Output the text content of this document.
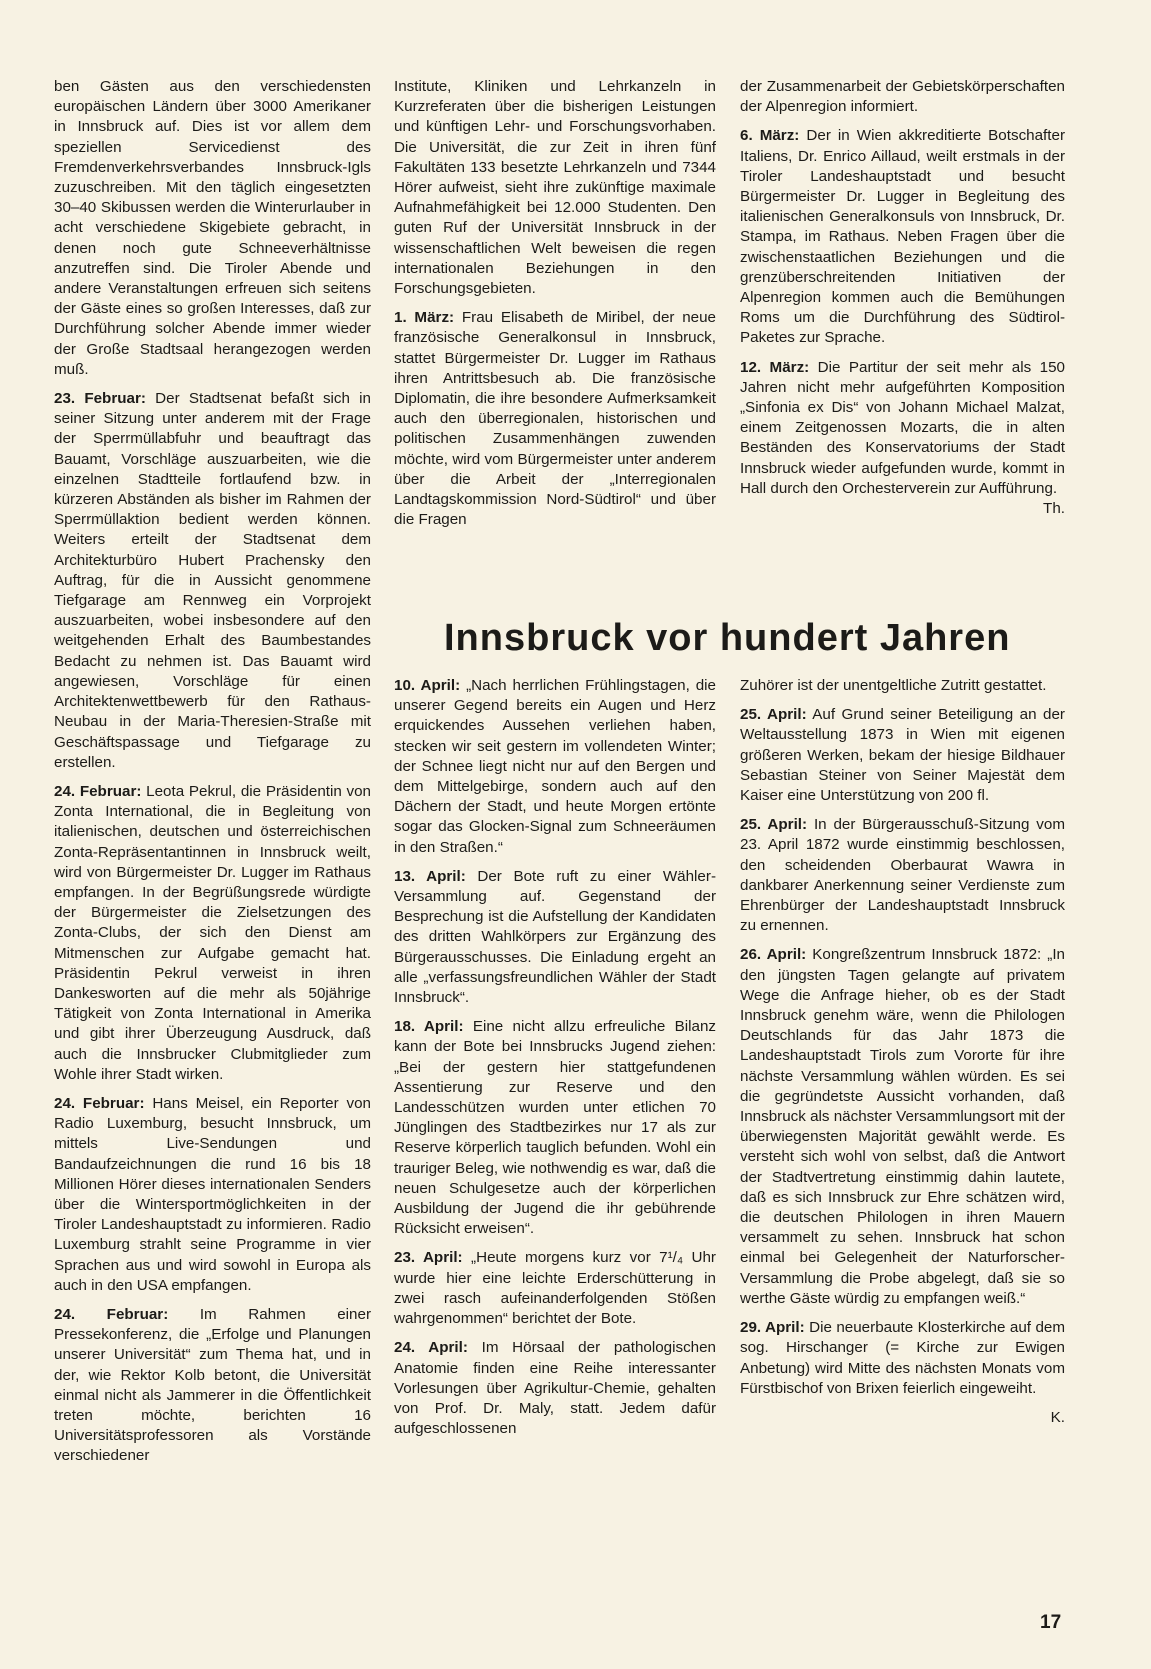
ben Gästen aus den verschiedensten europäischen Ländern über 3000 Amerikaner in Innsbruck auf. Dies ist vor allem dem speziellen Servicedienst des Fremdenverkehrsverbandes Innsbruck-Igls zuzuschreiben. Mit den täglich eingesetzten 30–40 Skibussen werden die Winterurlauber in acht verschiedene Skigebiete gebracht, in denen noch gute Schneeverhältnisse anzutreffen sind. Die Tiroler Abende und andere Veranstaltungen erfreuen sich seitens der Gäste eines so großen Interesses, daß zur Durchführung solcher Abende immer wieder der Große Stadtsaal herangezogen werden muß.

23. Februar: Der Stadtsenat befaßt sich in seiner Sitzung unter anderem mit der Frage der Sperrmüllabfuhr und beauftragt das Bauamt, Vorschläge auszuarbeiten, wie die einzelnen Stadtteile fortlaufend bzw. in kürzeren Abständen als bisher im Rahmen der Sperrmüllaktion bedient werden können. Weiters erteilt der Stadtsenat dem Architekturbüro Hubert Prachensky den Auftrag, für die in Aussicht genommene Tiefgarage am Rennweg ein Vorprojekt auszuarbeiten, wobei insbesondere auf den weitgehenden Erhalt des Baumbestandes Bedacht zu nehmen ist. Das Bauamt wird angewiesen, Vorschläge für einen Architektenwettbewerb für den Rathaus-Neubau in der Maria-Theresien-Straße mit Geschäftspassage und Tiefgarage zu erstellen.

24. Februar: Leota Pekrul, die Präsidentin von Zonta International, die in Begleitung von italienischen, deutschen und österreichischen Zonta-Repräsentantinnen in Innsbruck weilt, wird von Bürgermeister Dr. Lugger im Rathaus empfangen. In der Begrüßungsrede würdigte der Bürgermeister die Zielsetzungen des Zonta-Clubs, der sich den Dienst am Mitmenschen zur Aufgabe gemacht hat. Präsidentin Pekrul verweist in ihren Dankesworten auf die mehr als 50jährige Tätigkeit von Zonta International in Amerika und gibt ihrer Überzeugung Ausdruck, daß auch die Innsbrucker Clubmitglieder zum Wohle ihrer Stadt wirken.

24. Februar: Hans Meisel, ein Reporter von Radio Luxemburg, besucht Innsbruck, um mittels Live-Sendungen und Bandaufzeichnungen die rund 16 bis 18 Millionen Hörer dieses internationalen Senders über die Wintersportmöglichkeiten in der Tiroler Landeshauptstadt zu informieren. Radio Luxemburg strahlt seine Programme in vier Sprachen aus und wird sowohl in Europa als auch in den USA empfangen.

24. Februar: Im Rahmen einer Pressekonferenz, die „Erfolge und Planungen unserer Universität“ zum Thema hat, und in der, wie Rektor Kolb betont, die Universität einmal nicht als Jammerer in die Öffentlichkeit treten möchte, berichten 16 Universitätsprofessoren als Vorstände verschiedener

Institute, Kliniken und Lehrkanzeln in Kurzreferaten über die bisherigen Leistungen und künftigen Lehr- und Forschungsvorhaben. Die Universität, die zur Zeit in ihren fünf Fakultäten 133 besetzte Lehrkanzeln und 7344 Hörer aufweist, sieht ihre zukünftige maximale Aufnahmefähigkeit bei 12.000 Studenten. Den guten Ruf der Universität Innsbruck in der wissenschaftlichen Welt beweisen die regen internationalen Beziehungen in den Forschungsgebieten.

1. März: Frau Elisabeth de Miribel, der neue französische Generalkonsul in Innsbruck, stattet Bürgermeister Dr. Lugger im Rathaus ihren Antrittsbesuch ab. Die französische Diplomatin, die ihre besondere Aufmerksamkeit auch den überregionalen, historischen und politischen Zusammenhängen zuwenden möchte, wird vom Bürgermeister unter anderem über die Arbeit der „Interregionalen Landtagskommission Nord-Südtirol“ und über die Fragen

der Zusammenarbeit der Gebietskörperschaften der Alpenregion informiert.

6. März: Der in Wien akkreditierte Botschafter Italiens, Dr. Enrico Aillaud, weilt erstmals in der Tiroler Landeshauptstadt und besucht Bürgermeister Dr. Lugger in Begleitung des italienischen Generalkonsuls von Innsbruck, Dr. Stampa, im Rathaus. Neben Fragen über die zwischenstaatlichen Beziehungen und die grenzüberschreitenden Initiativen der Alpenregion kommen auch die Bemühungen Roms um die Durchführung des Südtirol-Paketes zur Sprache.

12. März: Die Partitur der seit mehr als 150 Jahren nicht mehr aufgeführten Komposition „Sinfonia ex Dis“ von Johann Michael Malzat, einem Zeitgenossen Mozarts, die in alten Beständen des Konservatoriums der Stadt Innsbruck wieder aufgefunden wurde, kommt in Hall durch den Orchesterverein zur Aufführung.
Th.

Innsbruck vor hundert Jahren

10. April: „Nach herrlichen Frühlingstagen, die unserer Gegend bereits ein Augen und Herz erquickendes Aussehen verliehen haben, stecken wir seit gestern im vollendeten Winter; der Schnee liegt nicht nur auf den Bergen und dem Mittelgebirge, sondern auch auf den Dächern der Stadt, und heute Morgen ertönte sogar das Glocken-Signal zum Schneeräumen in den Straßen.“

13. April: Der Bote ruft zu einer Wähler-Versammlung auf. Gegenstand der Besprechung ist die Aufstellung der Kandidaten des dritten Wahlkörpers zur Ergänzung des Bürgerausschusses. Die Einladung ergeht an alle „verfassungsfreundlichen Wähler der Stadt Innsbruck“.

18. April: Eine nicht allzu erfreuliche Bilanz kann der Bote bei Innsbrucks Jugend ziehen: „Bei der gestern hier stattgefundenen Assentierung zur Reserve und den Landesschützen wurden unter etlichen 70 Jünglingen des Stadtbezirkes nur 17 als zur Reserve körperlich tauglich befunden. Wohl ein trauriger Beleg, wie nothwendig es war, daß die neuen Schulgesetze auch der körperlichen Ausbildung der Jugend die ihr gebührende Rücksicht erweisen“.

23. April: „Heute morgens kurz vor 7¹/₄ Uhr wurde hier eine leichte Erderschütterung in zwei rasch aufeinanderfolgenden Stößen wahrgenommen“ berichtet der Bote.

24. April: Im Hörsaal der pathologischen Anatomie finden eine Reihe interessanter Vorlesungen über Agrikultur-Chemie, gehalten von Prof. Dr. Maly, statt. Jedem dafür aufgeschlossenen

Zuhörer ist der unentgeltliche Zutritt gestattet.

25. April: Auf Grund seiner Beteiligung an der Weltausstellung 1873 in Wien mit eigenen größeren Werken, bekam der hiesige Bildhauer Sebastian Steiner von Seiner Majestät dem Kaiser eine Unterstützung von 200 fl.

25. April: In der Bürgerausschuß-Sitzung vom 23. April 1872 wurde einstimmig beschlossen, den scheidenden Oberbaurat Wawra in dankbarer Anerkennung seiner Verdienste zum Ehrenbürger der Landeshauptstadt Innsbruck zu ernennen.

26. April: Kongreßzentrum Innsbruck 1872: „In den jüngsten Tagen gelangte auf privatem Wege die Anfrage hieher, ob es der Stadt Innsbruck genehm wäre, wenn die Philologen Deutschlands für das Jahr 1873 die Landeshauptstadt Tirols zum Vororte für ihre nächste Versammlung wählen würden. Es sei die gegründetste Aussicht vorhanden, daß Innsbruck als nächster Versammlungsort mit der überwiegensten Majorität gewählt werde. Es versteht sich wohl von selbst, daß die Antwort der Stadtvertretung einstimmig dahin lautete, daß es sich Innsbruck zur Ehre schätzen wird, die deutschen Philologen in ihren Mauern versammelt zu sehen. Innsbruck hat schon einmal bei Gelegenheit der Naturforscher-Versammlung die Probe abgelegt, daß sie so werthe Gäste würdig zu empfangen weiß.“

29. April: Die neuerbaute Klosterkirche auf dem sog. Hirschanger (= Kirche zur Ewigen Anbetung) wird Mitte des nächsten Monats vom Fürstbischof von Brixen feierlich eingeweiht.

K.

17
